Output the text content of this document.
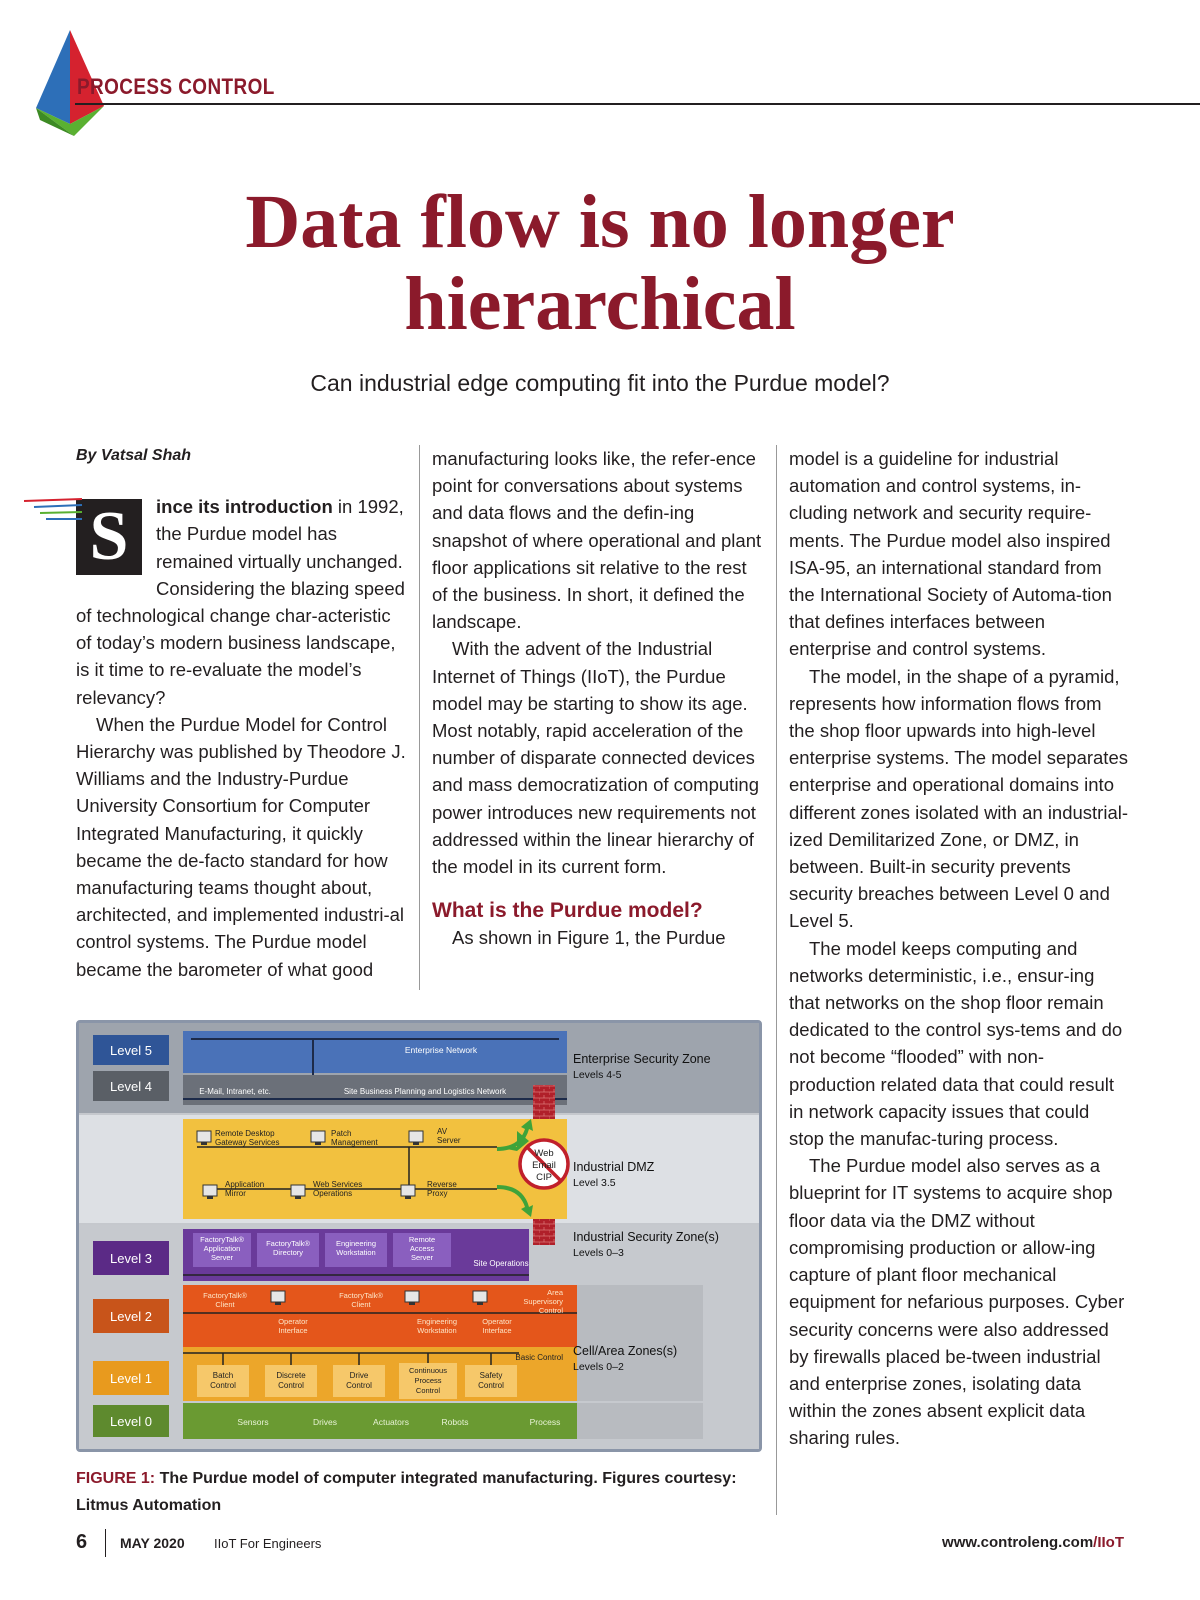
PROCESS CONTROL
Data flow is no longer
hierarchical
Can industrial edge computing fit into the Purdue model?
By Vatsal Shah
S	ince its introduction in 1992, the Purdue model has remained virtually unchanged. Considering the blazing speed of technological change char-acteristic of today’s modern business landscape, is it time to re-evaluate the model’s relevancy?

When the Purdue Model for Control Hierarchy was published by Theodore J. Williams and the Industry-Purdue University Consortium for Computer Integrated Manufacturing, it quickly became the de-facto standard for how manufacturing teams thought about, architected, and implemented industri-al control systems. The Purdue model became the barometer of what good

manufacturing looks like, the refer-ence point for conversations about systems and data flows and the defin-ing snapshot of where operational and plant floor applications sit relative to the rest of the business. In short, it defined the landscape.

With the advent of the Industrial Internet of Things (IIoT), the Purdue model may be starting to show its age. Most notably, rapid acceleration of the number of disparate connected devices and mass democratization of computing power introduces new requirements not addressed within the linear hierarchy of the model in its current form.

What is the Purdue model?

As shown in Figure 1, the Purdue

model is a guideline for industrial automation and control systems, in-cluding network and security require-ments. The Purdue model also inspired ISA-95, an international standard from the International Society of Automa-tion that defines interfaces between enterprise and control systems.

The model, in the shape of a pyramid, represents how information flows from the shop floor upwards into high-level enterprise systems. The model separates enterprise and operational domains into different zones isolated with an industrial-ized Demilitarized Zone, or DMZ, in between. Built-in security prevents security breaches between Level 0 and Level 5.

The model keeps computing and networks deterministic, i.e., ensur-ing that networks on the shop floor remain dedicated to the control sys-tems and do not become “flooded” with non-production related data that could result in network capacity issues that could stop the manufac-turing process.

The Purdue model also serves as a blueprint for IT systems to acquire shop floor data via the DMZ without compromising production or allow-ing capture of plant floor mechanical equipment for nefarious purposes. Cyber security concerns were also addressed by firewalls placed be-tween industrial and enterprise zones, isolating data within the zones absent explicit data sharing rules.

Level 5
Level 4
Level 3
Level 2
Level 1
Level 0
Enterprise Network
E-Mail, Intranet, etc.	Site Business Planning and Logistics Network
Remote Desktop
Gateway Services
Patch
Management
AV
Server
Application
Mirror
Web Services
Operations
Reverse
Proxy
Web
Email
CIP
FactoryTalk®
Application
Server
FactoryTalk®
Directory
Engineering
Workstation
Remote
Access
Server
Site Operations
FactoryTalk®
Client
Operator
Interface
FactoryTalk®
Client
Engineering
Workstation
Operator
Interface
Area
Supervisory
Control
Basic Control
Batch
Control
Discrete
Control
Drive
Control
Continuous
Process
Control
Safety
Control
Sensors	Drives	Actuators	Robots	Process
Enterprise Security Zone
Levels 4-5
Industrial DMZ
Level 3.5
Industrial Security Zone(s)
Levels 0–3
Cell/Area Zones(s)
Levels 0–2
FIGURE 1: The Purdue model of computer integrated manufacturing. Figures courtesy: Litmus Automation
6 MAY 2020 IIoT For Engineers	www.controleng.com/IIoT
